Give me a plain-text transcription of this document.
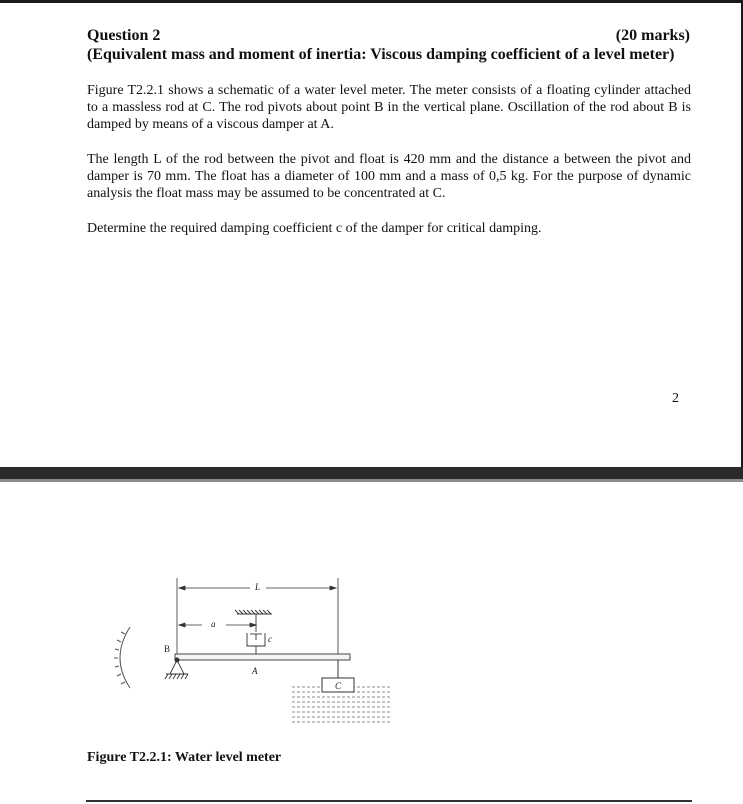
Question 2	(20 marks)
(Equivalent mass and moment of inertia: Viscous damping coefficient of a level meter)

Figure T2.2.1 shows a schematic of a water level meter. The meter consists of a floating cylinder attached to a massless rod at C. The rod pivots about point B in the vertical plane. Oscillation of the rod about B is damped by means of a viscous damper at A.

The length L of the rod between the pivot and float is 420 mm and the distance a between the pivot and damper is 70 mm. The float has a diameter of 100 mm and a mass of 0,5 kg. For the purpose of dynamic analysis the float mass may be assumed to be concentrated at C.

Determine the required damping coefficient c of the damper for critical damping.

2
L
a
c
B
A
C
Figure T2.2.1: Water level meter
